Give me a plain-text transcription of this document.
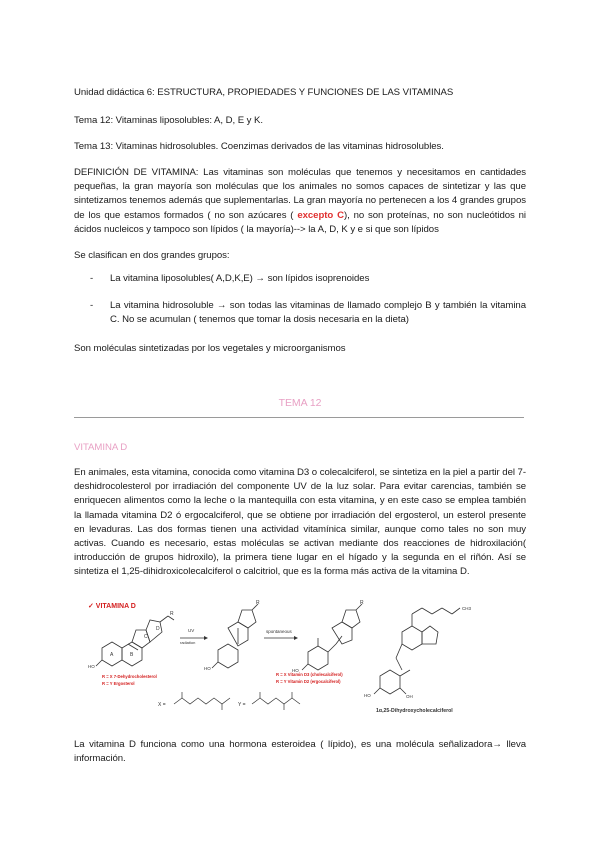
Unidad didáctica 6: ESTRUCTURA, PROPIEDADES Y FUNCIONES DE LAS VITAMINAS
Tema 12: Vitaminas liposolubles: A, D, E y K.
Tema 13: Vitaminas hidrosolubles. Coenzimas derivados de las vitaminas hidrosolubles.
DEFINICIÓN DE VITAMINA: Las vitaminas son moléculas que tenemos y necesitamos en cantidades pequeñas, la gran mayoría son moléculas que los animales no somos capaces de sintetizar y las que sintetizamos tenemos además que suplementarlas. La gran mayoría no pertenecen a los 4 grandes grupos de los que estamos formados ( no son azúcares ( excepto C), no son proteínas, no son nucleótidos ni ácidos nucleicos y tampoco son lípidos ( la mayoría)--> la A, D, K y e si que son lípidos
Se clasifican en dos grandes grupos:
- La vitamina liposolubles( A,D,K,E) → son lípidos isoprenoides
- La vitamina hidrosoluble → son todas las vitaminas de llamado complejo B y también la vitamina C. No se acumulan ( tenemos que tomar la dosis necesaria en la dieta)
Son moléculas sintetizadas por los vegetales y microorganismos
TEMA 12
VITAMINA D
En animales, esta vitamina, conocida como vitamina D3 o colecalciferol, se sintetiza en la piel a partir del 7- deshidrocolesterol por irradiación del componente UV de la luz solar. Para evitar carencias, también se enriquecen alimentos como la leche o la mantequilla con esta vitamina, y en este caso se emplea también la llamada vitamina D2 ó ergocalciferol, que se obtiene por irradiación del ergosterol, un esterol presente en levaduras. Las dos formas tienen una actividad vitamínica similar, aunque como tales no son muy activas. Cuando es necesario, estas moléculas se activan mediante dos reacciones de hidroxilación( introducción de grupos hidroxilo), la primera tiene lugar en el hígado y la segunda en el riñón. Así se sintetiza el 1,25-dihidroxicolecalciferol o calcitriol, que es la forma más activa de la vitamina D.
✓ VITAMINA D
HO
A	B
C
D
R
UV
radiation
HO
R
spontaneous
HO
R
R = X 7-Dehydrocholesterol
R = Y Ergosterol
R = X Vitamin D3 (cholecalciferol)
R = Y Vitamin D2 (ergocalciferol)
X =	Y =
HO	OH
CH3
1α,25-Dihydroxycholecalciferol
La vitamina D funciona como una hormona esteroidea ( lípido), es una molécula señalizadora→ lleva información.
